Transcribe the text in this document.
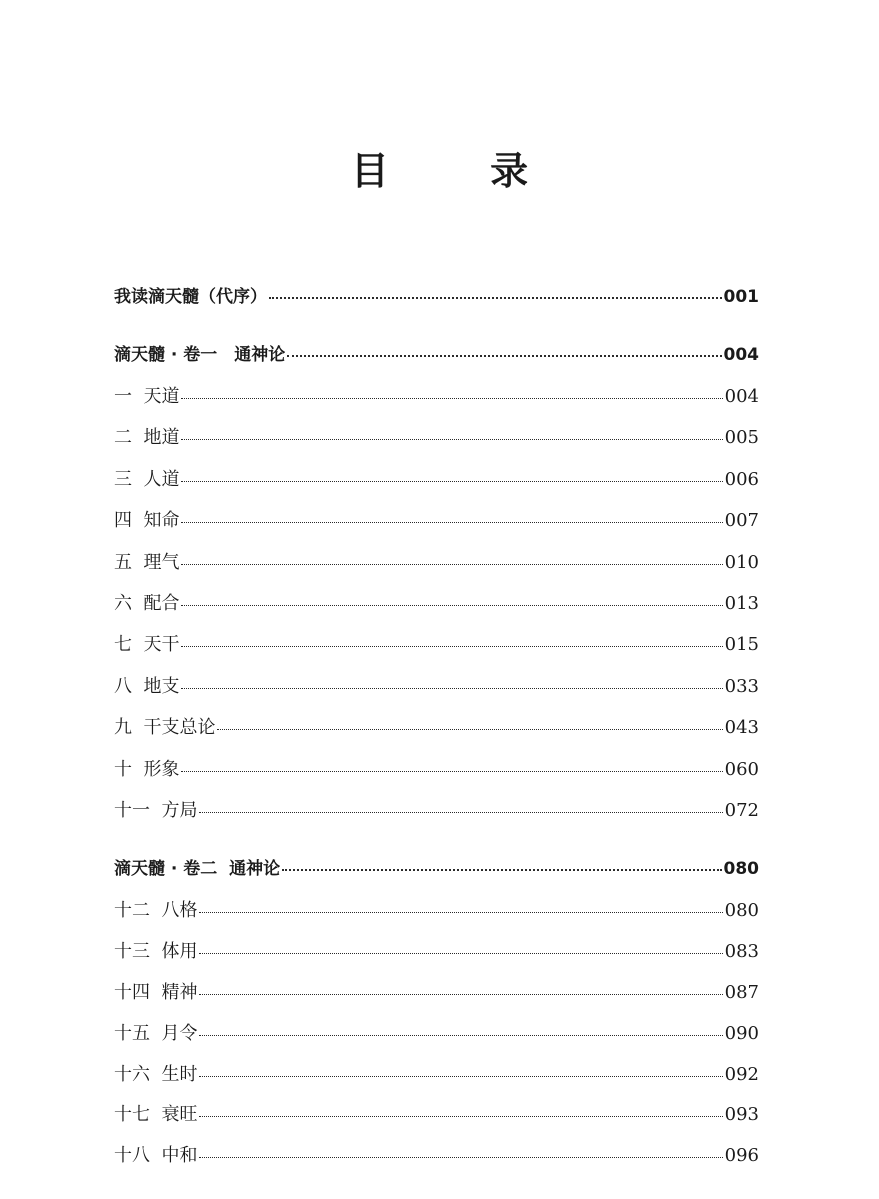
目 录
我读滴天髓（代序）	001
滴天髓 · 卷一　通神论	004
一  天道	004
二  地道	005
三  人道	006
四  知命	007
五  理气	010
六  配合	013
七  天干	015
八  地支	033
九  干支总论	043
十  形象	060
十一  方局	072
滴天髓 · 卷二  通神论	080
十二  八格	080
十三  体用	083
十四  精神	087
十五  月令	090
十六  生时	092
十七  衰旺	093
十八  中和	096
